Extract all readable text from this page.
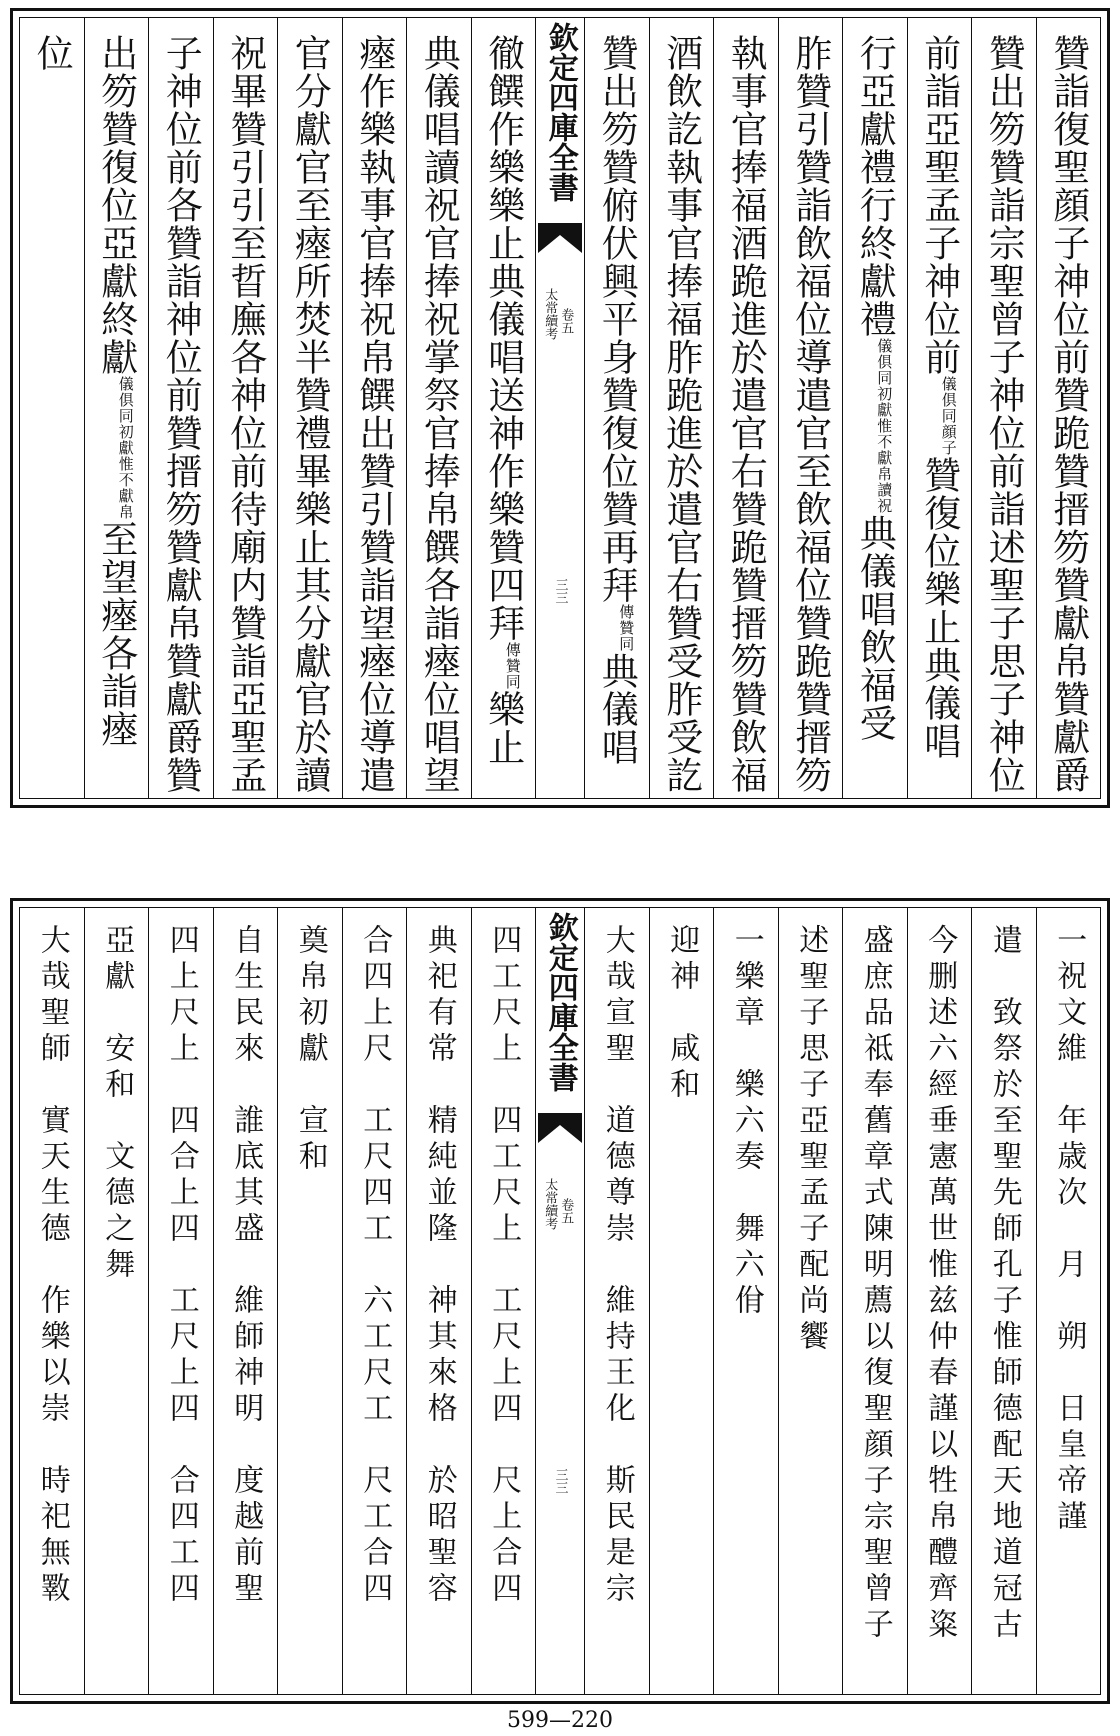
贊詣復聖顔子神位前贊跪贊搢笏贊獻帛贊獻爵
贊出笏贊詣宗聖曾子神位前詣述聖子思子神位
前詣亞聖孟子神位前儀俱同顔子贊復位樂止典儀唱
行亞獻禮行終獻禮儀俱同初獻惟不獻帛讀祝典儀唱飲福受
胙贊引贊詣飲福位導遣官至飲福位贊跪贊搢笏
執事官捧福酒跪進於遣官右贊跪贊搢笏贊飲福
酒飲訖執事官捧福胙跪進於遣官右贊受胙受訖
贊出笏贊俯伏興平身贊復位贊再拜傳贊同典儀唱
欽定四庫全書
太常續考 卷五
三三
徹饌作樂樂止典儀唱送神作樂贊四拜傳贊同樂止
典儀唱讀祝官捧祝掌祭官捧帛饌各詣瘞位唱望
瘞作樂執事官捧祝帛饌出贊引贊詣望瘞位導遣
官分獻官至瘞所焚半贊禮畢樂止其分獻官於讀
祝畢贊引引至晢廡各神位前待廟内贊詣亞聖孟
子神位前各贊詣神位前贊搢笏贊獻帛贊獻爵贊
出笏贊復位亞獻終獻儀俱同初獻惟不獻帛至望瘞各詣瘞
位
一祝文維　年歳次　月　朔　日皇帝謹
遣　致祭於至聖先師孔子惟師德配天地道冠古
今删述六經垂憲萬世惟兹仲春謹以牲帛醴齊粢
盛庶品祗奉舊章式陳明薦以復聖顔子宗聖曾子
述聖子思子亞聖孟子配尚饗
一樂章　樂六奏　舞六佾
迎神　咸和
大哉宣聖　道德尊崇　維持王化　斯民是宗
欽定四庫全書
太常續考 卷五
三三
四工尺上　四工尺上　工尺上四　尺上合四
典祀有常　精純並隆　神其來格　於昭聖容
合四上尺　工尺四工　六工尺工　尺工合四
奠帛初獻　宣和
自生民來　誰底其盛　維師神明　度越前聖
四上尺上　四合上四　工尺上四　合四工四
亞獻　安和　文德之舞
大哉聖師　實天生德　作樂以崇　時祀無斁
599—220
